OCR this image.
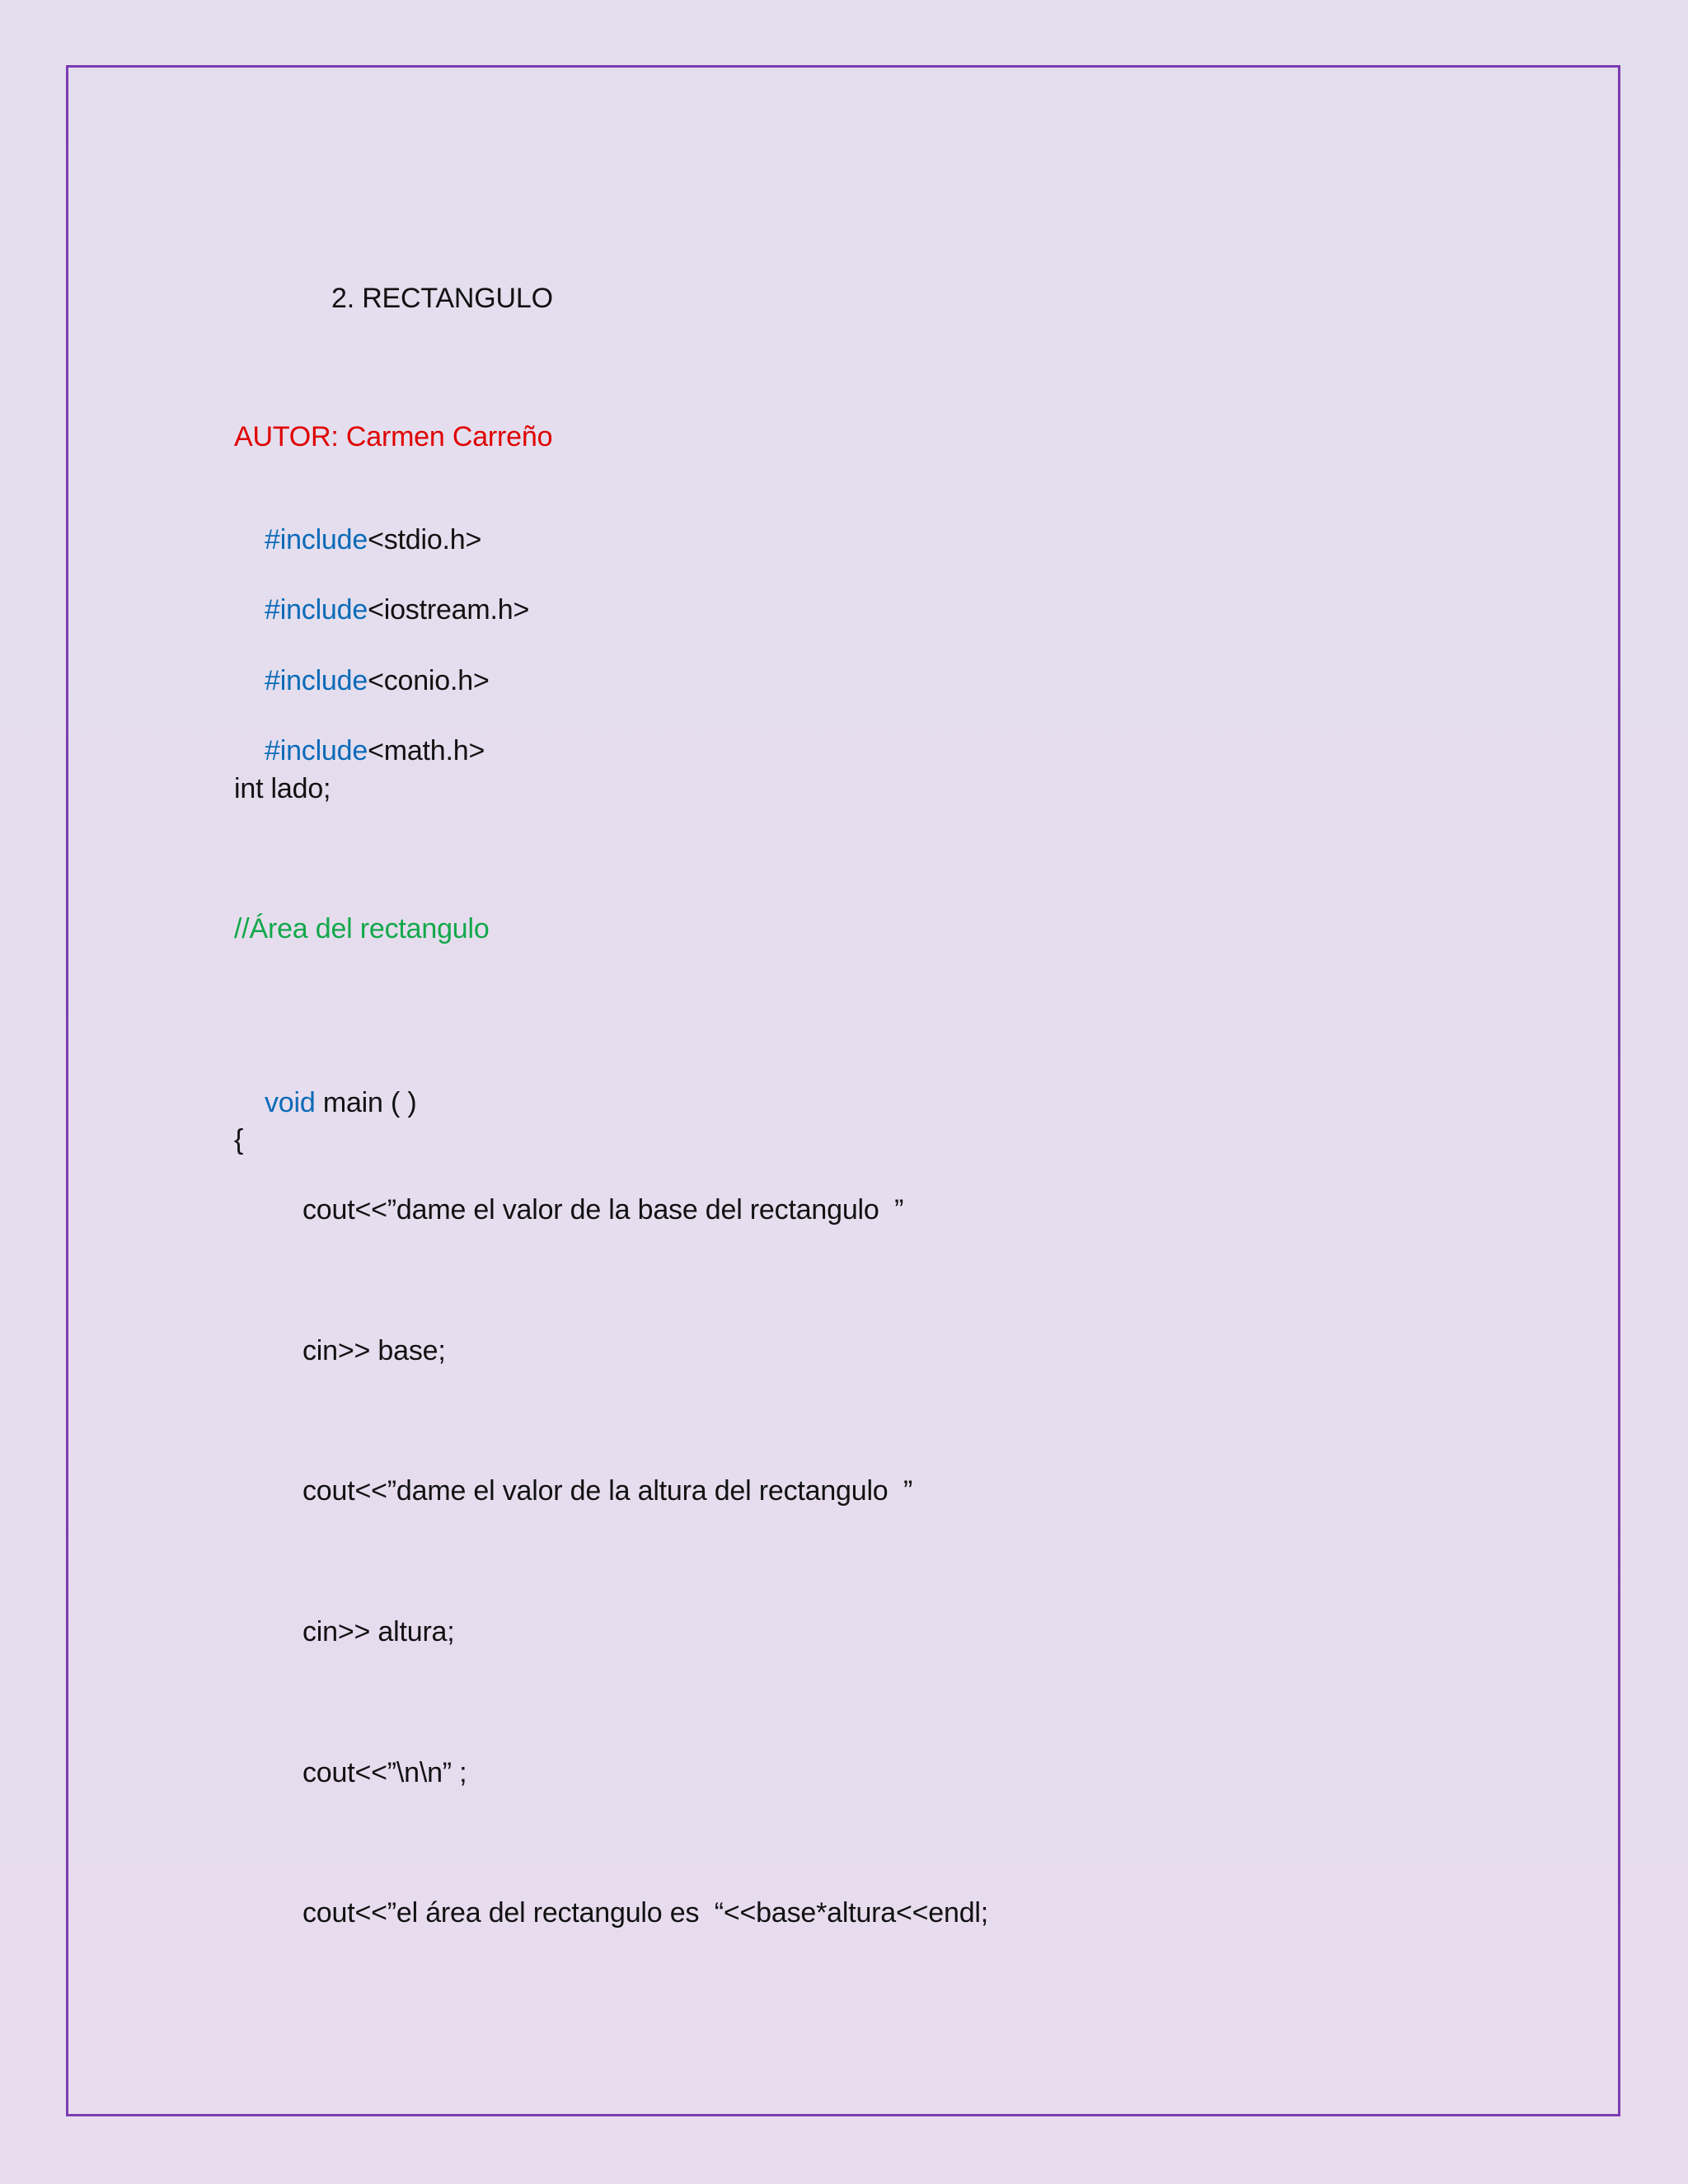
2. RECTANGULO
AUTOR: Carmen Carreño

#include<stdio.h>

#include<iostream.h>

#include<conio.h>

#include<math.h>

int lado;
//Área del rectangulo

void main ( )

{
cout<<”dame el valor de la base del rectangulo  ”
cin>> base;
cout<<”dame el valor de la altura del rectangulo  ”
cin>> altura;
cout<<”\n\n” ;
cout<<”el área del rectangulo es  “<<base*altura<<endl;
